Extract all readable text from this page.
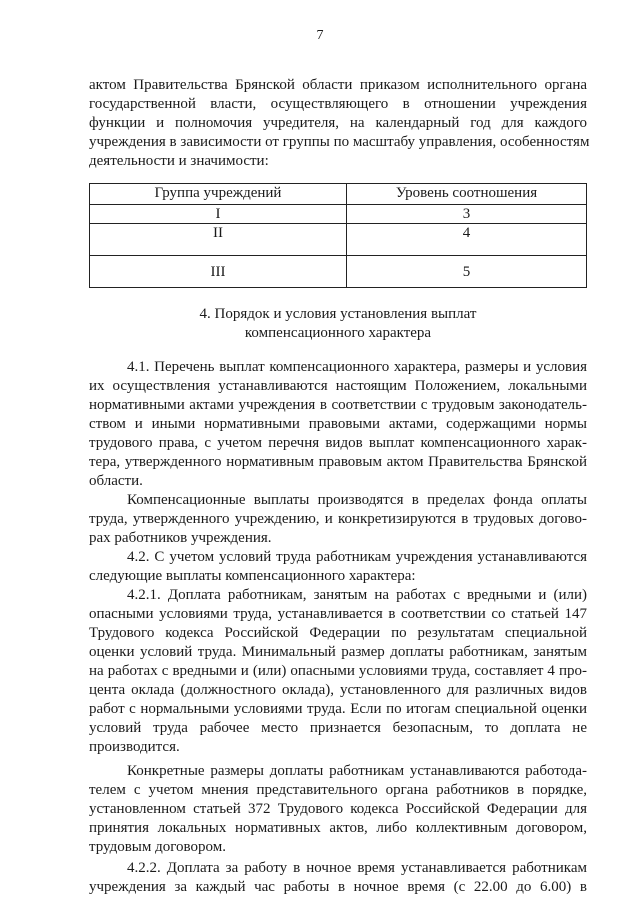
7
актом Правительства Брянской области приказом исполнительного органа
государственной власти, осуществляющего в отношении учреждения
функции и полномочия учредителя, на календарный год для каждого
учреждения в зависимости от группы по масштабу управления, особенностям
деятельности и значимости:
Группа учреждений	Уровень соотношения
I	3
II	4
III	5
4. Порядок и условия установления выплат
компенсационного характера
4.1. Перечень выплат компенсационного характера, размеры и условия
их осуществления устанавливаются настоящим Положением, локальными
нормативными актами учреждения в соответствии с трудовым законодатель-
ством и иными нормативными правовыми актами, содержащими нормы
трудового права, с учетом перечня видов выплат компенсационного харак-
тера, утвержденного нормативным правовым актом Правительства Брянской
области.
Компенсационные выплаты производятся в пределах фонда оплаты
труда, утвержденного учреждению, и конкретизируются в трудовых догово-
рах работников учреждения.
4.2. С учетом условий труда работникам учреждения устанавливаются
следующие выплаты компенсационного характера:
4.2.1. Доплата работникам, занятым на работах с вредными и (или)
опасными условиями труда, устанавливается в соответствии со статьей 147
Трудового кодекса Российской Федерации по результатам специальной
оценки условий труда. Минимальный размер доплаты работникам, занятым
на работах с вредными и (или) опасными условиями труда, составляет 4 про-
цента оклада (должностного оклада), установленного для различных видов
работ с нормальными условиями труда. Если по итогам специальной оценки
условий труда рабочее место признается безопасным, то доплата не
производится.
Конкретные размеры доплаты работникам устанавливаются работода-
телем с учетом мнения представительного органа работников в порядке,
установленном статьей 372 Трудового кодекса Российской Федерации для
принятия локальных нормативных актов, либо коллективным договором,
трудовым договором.
4.2.2. Доплата за работу в ночное время устанавливается работникам
учреждения за каждый час работы в ночное время (с 22.00 до 6.00) в
